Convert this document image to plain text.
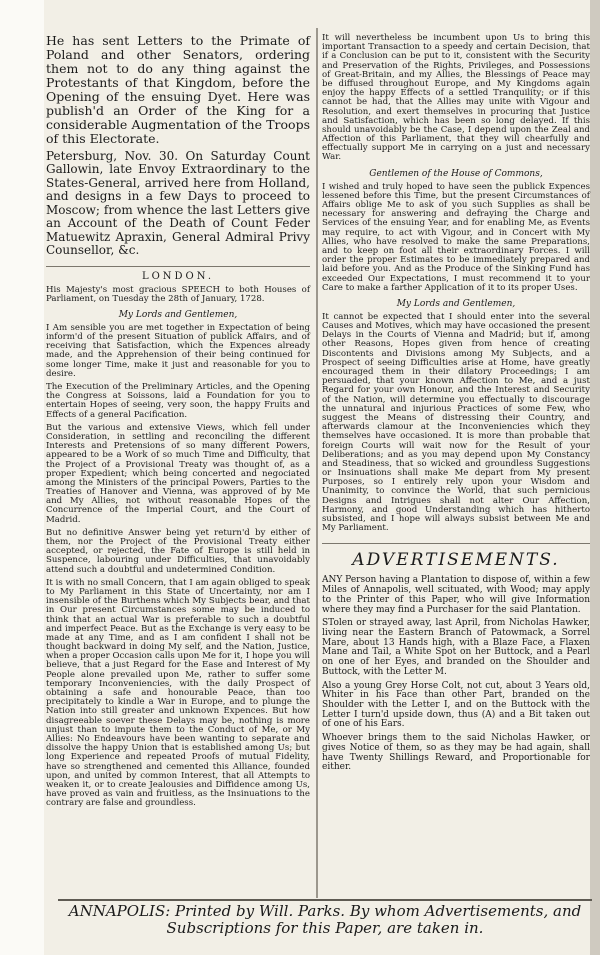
He has sent Letters to the Primate of Poland and other Senators, ordering them not to do any thing against the Protestants of that Kingdom, before the Opening of the ensuing Dyet. Here was publish'd an Order of the King for a considerable Augmentation of the Troops of this Electorate.

Petersburg, Nov. 30. On Saturday Count Gallowin, late Envoy Extraordinary to the States-General, arrived here from Holland, and designs in a few Days to proceed to Moscow; from whence the last Letters give an Account of the Death of Count Feder Matuewitz Apraxin, General Admiral Privy Counsellor, &c.

LONDON.

His Majesty's most gracious SPEECH to both Houses of Parliament, on Tuesday the 28th of January, 1728.

My Lords and Gentlemen,

I Am sensible you are met together in Expectation of being inform'd of the present Situation of publick Affairs, and of receiving that Satisfaction, which the Expences already made, and the Apprehension of their being continued for some longer Time, make it just and reasonable for you to desire.

The Execution of the Preliminary Articles, and the Opening the Congress at Soissons, laid a Foundation for you to entertain Hopes of seeing, very soon, the happy Fruits and Effects of a general Pacification.

But the various and extensive Views, which fell under Consideration, in settling and reconciling the different Interests and Pretensions of so many different Powers, appeared to be a Work of so much Time and Difficulty, that the Project of a Provisional Treaty was thought of, as a proper Expedient; which being concerted and negociated among the Ministers of the principal Powers, Parties to the Treaties of Hanover and Vienna, was approved of by Me and My Allies, not without reasonable Hopes of the Concurrence of the Imperial Court, and the Court of Madrid.

But no definitive Answer being yet return'd by either of them, nor the Project of the Provisional Treaty either accepted, or rejected, the Fate of Europe is still held in Suspence, labouring under Difficulties, that unavoidably attend such a doubtful and undetermined Condition.

It is with no small Concern, that I am again obliged to speak to My Parliament in this State of Uncertainty, nor am I insensible of the Burthens which My Subjects bear, and that in Our present Circumstances some may be induced to think that an actual War is preferable to such a doubtful and imperfect Peace. But as the Exchange is very easy to be made at any Time, and as I am confident I shall not be thought backward in doing My self, and the Nation, Justice, when a proper Occasion calls upon Me for it, I hope you will believe, that a just Regard for the Ease and Interest of My People alone prevailed upon Me, rather to suffer some temporary Inconveniencies, with the daily Prospect of obtaining a safe and honourable Peace, than too precipitately to kindle a War in Europe, and to plunge the Nation into still greater and unknown Expences. But how disagreeable soever these Delays may be, nothing is more unjust than to impute them to the Conduct of Me, or My Allies: No Endeavours have been wanting to separate and dissolve the happy Union that is established among Us; but long Experience and repeated Proofs of mutual Fidelity, have so strengthened and cemented this Alliance, founded upon, and united by common Interest, that all Attempts to weaken it, or to create Jealousies and Diffidence among Us, have proved as vain and fruitless, as the Insinuations to the contrary are false and groundless.

It will nevertheless be incumbent upon Us to bring this important Transaction to a speedy and certain Decision, that if a Conclusion can be put to it, consistent with the Security and Preservation of the Rights, Privileges, and Possessions of Great-Britain, and my Allies, the Blessings of Peace may be diffused throughout Europe, and My Kingdoms again enjoy the happy Effects of a settled Tranquility; or if this cannot be had, that the Allies may unite with Vigour and Resolution, and exert themselves in procuring that Justice and Satisfaction, which has been so long delayed. If this should unavoidably be the Case, I depend upon the Zeal and Affection of this Parliament, that they will chearfully and effectually support Me in carrying on a just and necessary War.

Gentlemen of the House of Commons,

I wished and truly hoped to have seen the publick Expences lessened before this Time, but the present Circumstances of Affairs oblige Me to ask of you such Supplies as shall be necessary for answering and defraying the Charge and Services of the ensuing Year, and for enabling Me, as Events may require, to act with Vigour, and in Concert with My Allies, who have resolved to make the same Preparations, and to keep on foot all their extraordinary Forces. I will order the proper Estimates to be immediately prepared and laid before you. And as the Produce of the Sinking Fund has exceeded Our Expectations, I must recommend it to your Care to make a farther Application of it to its proper Uses.

My Lords and Gentlemen,

It cannot be expected that I should enter into the several Causes and Motives, which may have occasioned the present Delays in the Courts of Vienna and Madrid; but if, among other Reasons, Hopes given from hence of creating Discontents and Divisions among My Subjects, and a Prospect of seeing Difficulties arise at Home, have greatly encouraged them in their dilatory Proceedings; I am persuaded, that your known Affection to Me, and a just Regard for your own Honour, and the Interest and Security of the Nation, will determine you effectually to discourage the unnatural and injurious Practices of some Few, who suggest the Means of distressing their Country, and afterwards clamour at the Inconveniencies which they themselves have occasioned. It is more than probable that foreign Courts will wait now for the Result of your Deliberations; and as you may depend upon My Constancy and Steadiness, that so wicked and groundless Suggestions or Insinuations shall make Me depart from My present Purposes, so I entirely rely upon your Wisdom and Unanimity, to convince the World, that such pernicious Designs and Intrigues shall not alter Our Affection, Harmony, and good Understanding which has hitherto subsisted, and I hope will always subsist between Me and My Parliament.

ADVERTISEMENTS.

ANY Person having a Plantation to dispose of, within a few Miles of Annapolis, well scituated, with Wood; may apply to the Printer of this Paper, who will give Information where they may find a Purchaser for the said Plantation.

STolen or strayed away, last April, from Nicholas Hawker, living near the Eastern Branch of Patowmack, a Sorrel Mare, about 13 Hands high, with a Blaze Face, a Flaxen Mane and Tail, a White Spot on her Buttock, and a Pearl on one of her Eyes, and branded on the Shoulder and Buttock, with the Letter M.

Also a young Grey Horse Colt, not cut, about 3 Years old, Whiter in his Face than other Part, branded on the Shoulder with the Letter I, and on the Buttock with the Letter I turn'd upside down, thus (A) and a Bit taken out of one of his Ears.

Whoever brings them to the said Nicholas Hawker, or gives Notice of them, so as they may be had again, shall have Twenty Shillings Reward, and Proportionable for either.

ANNAPOLIS: Printed by Will. Parks. By whom Advertisements, and Subscriptions for this Paper, are taken in.
